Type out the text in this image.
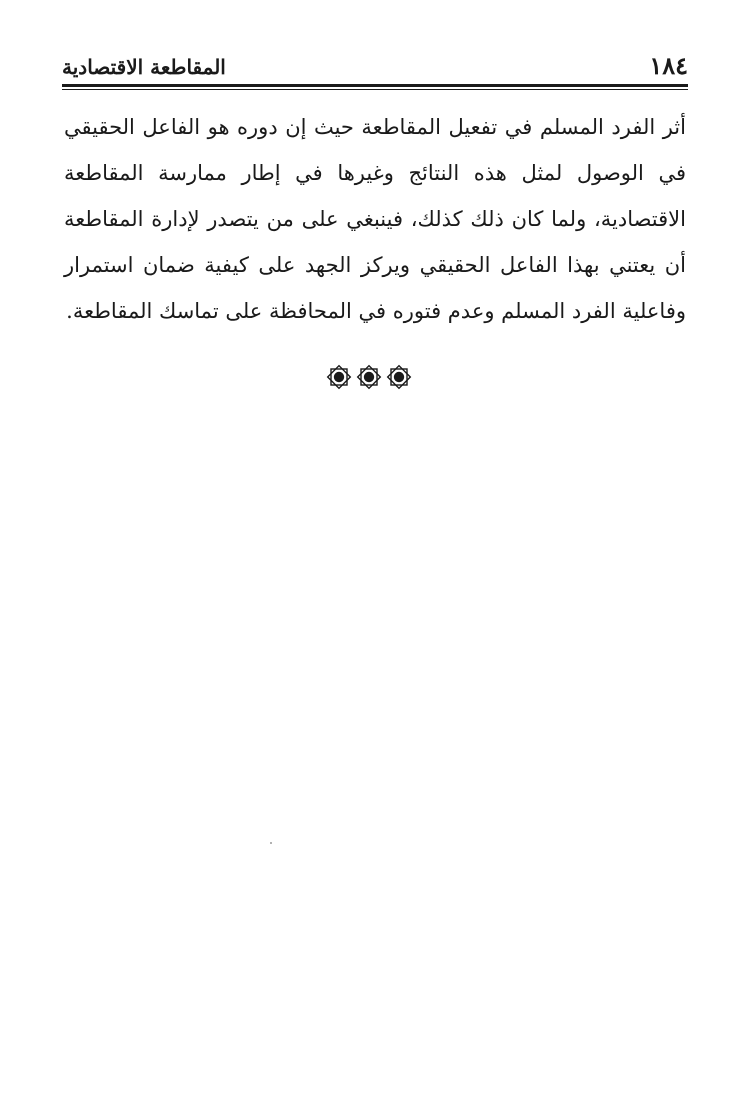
١٨٤
المقاطعة الاقتصادية

أثر الفرد المسلم في تفعيل المقاطعة حيث إن دوره هو الفاعل الحقيقي في الوصول لمثل هذه النتائج وغيرها في إطار ممارسة المقاطعة الاقتصادية، ولما كان ذلك كذلك، فينبغي على من يتصدر لإدارة المقاطعة أن يعتني بهذا الفاعل الحقيقي ويركز الجهد على كيفية ضمان استمرار وفاعلية الفرد المسلم وعدم فتوره في المحافظة على تماسك المقاطعة.
